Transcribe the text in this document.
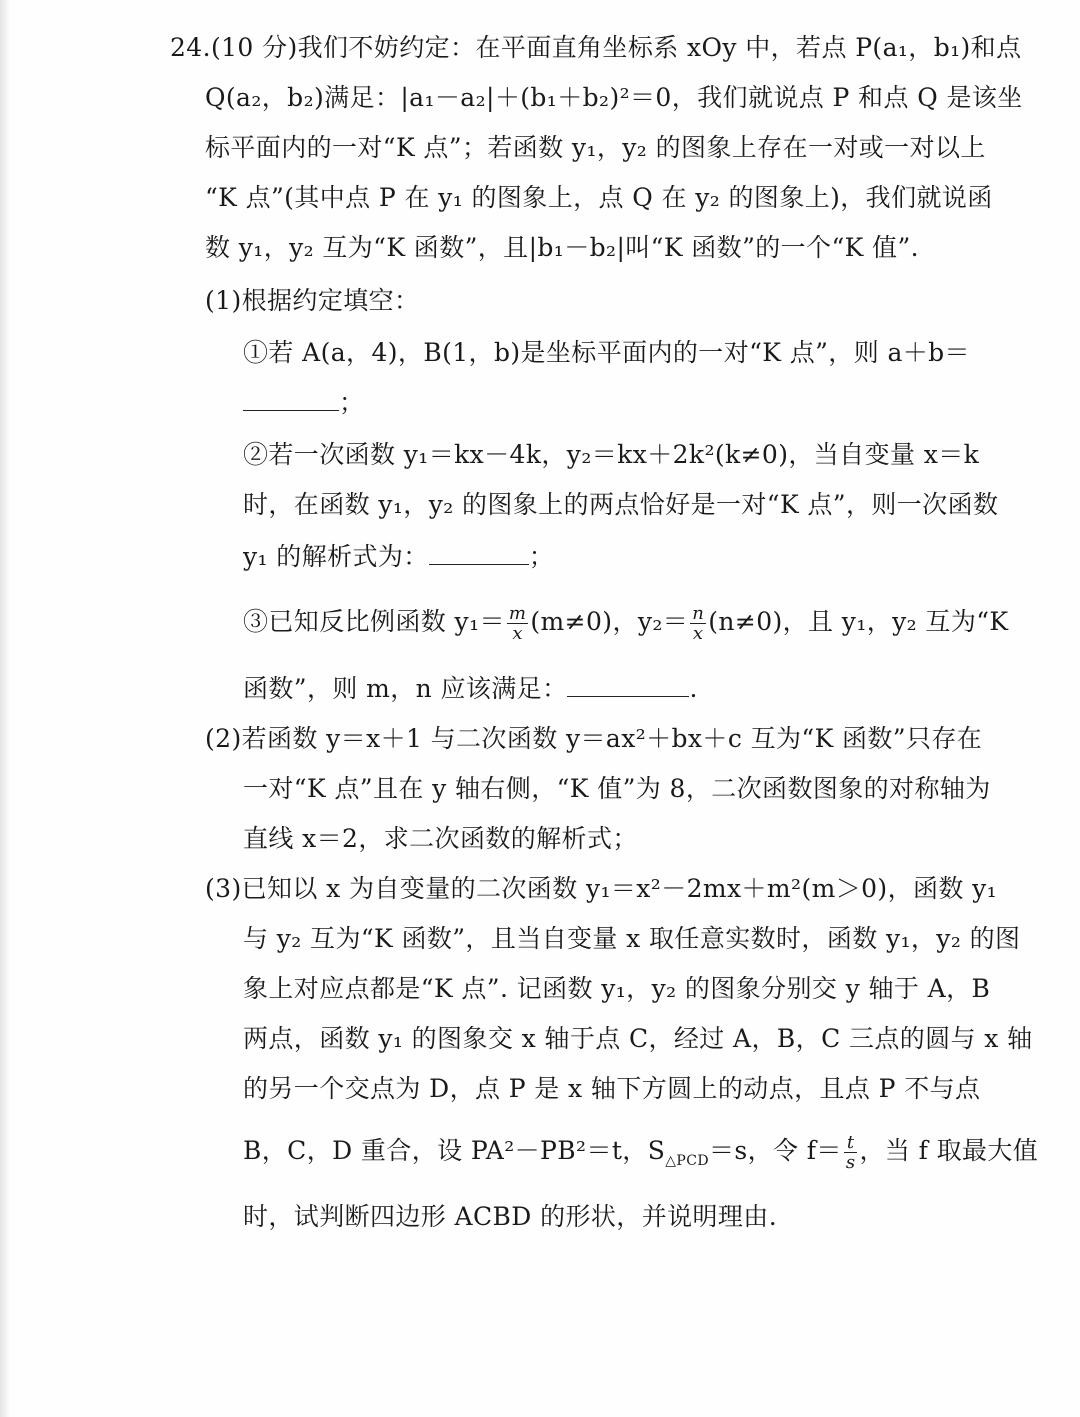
24.(10 分)我们不妨约定：在平面直角坐标系 xOy 中，若点 P(a₁，b₁)和点
Q(a₂，b₂)满足：|a₁－a₂|＋(b₁＋b₂)²＝0，我们就说点 P 和点 Q 是该坐
标平面内的一对“K 点”；若函数 y₁，y₂ 的图象上存在一对或一对以上
“K 点”(其中点 P 在 y₁ 的图象上，点 Q 在 y₂ 的图象上)，我们就说函
数 y₁，y₂ 互为“K 函数”，且|b₁－b₂|叫“K 函数”的一个“K 值”.
(1)根据约定填空：
①若 A(a，4)，B(1，b)是坐标平面内的一对“K 点”，则 a＋b＝
；
②若一次函数 y₁＝kx－4k，y₂＝kx＋2k²(k≠0)，当自变量 x＝k
时，在函数 y₁，y₂ 的图象上的两点恰好是一对“K 点”，则一次函数
y₁ 的解析式为：	；
③已知反比例函数 $y_1= \frac{m}{x} (m\ne 0)$，$y_2= \frac{n}{x} (n\ne 0)$，且 y₁，y₂ 互为“K
函数”，则 m，n 应该满足：	.
(2)若函数 y＝x＋1 与二次函数 y＝ax²＋bx＋c 互为“K 函数”只存在
一对“K 点”且在 y 轴右侧，“K 值”为 8，二次函数图象的对称轴为
直线 x＝2，求二次函数的解析式；
(3)已知以 x 为自变量的二次函数 y₁＝x²－2mx＋m²(m＞0)，函数 y₁
与 y₂ 互为“K 函数”，且当自变量 x 取任意实数时，函数 y₁，y₂ 的图
象上对应点都是“K 点”. 记函数 y₁，y₂ 的图象分别交 y 轴于 A，B
两点，函数 y₁ 的图象交 x 轴于点 C，经过 A，B，C 三点的圆与 x 轴
的另一个交点为 D，点 P 是 x 轴下方圆上的动点，且点 P 不与点
B，C，D 重合，设 PA²－PB²＝t，$S_{\triangle PCD}=s$，令 $f= \frac{t}{s}$ ，当 f 取最大值
时，试判断四边形 ACBD 的形状，并说明理由.
